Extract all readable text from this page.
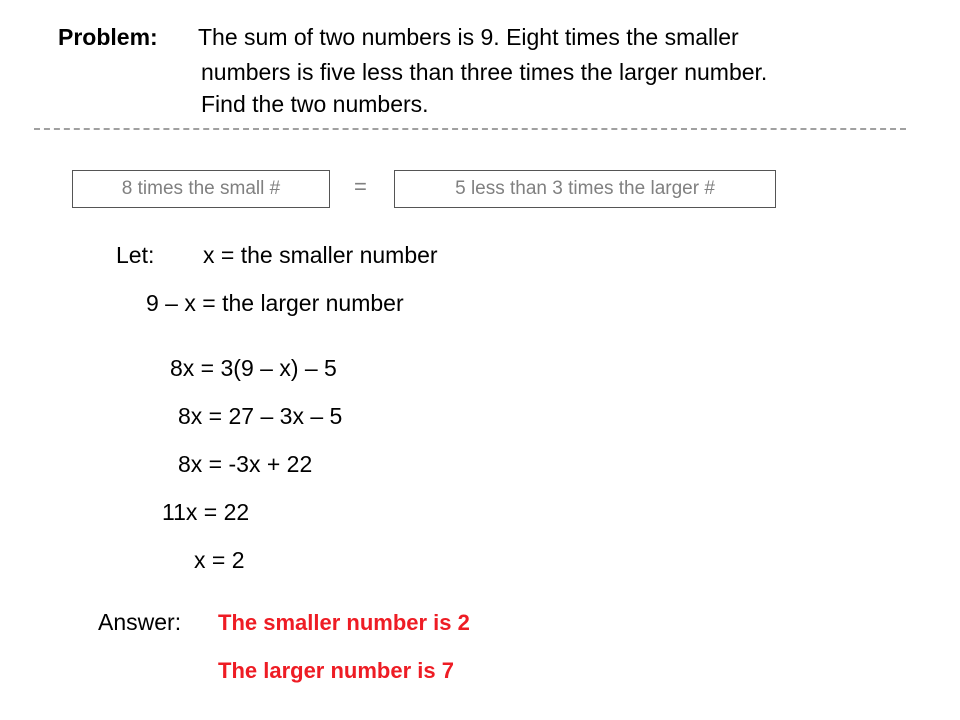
Problem: The sum of two numbers is 9. Eight times the smaller
numbers is five less than three times the larger number.
Find the two numbers.
8 times the small #	=	5 less than 3 times the larger #
Let: x = the smaller number
9 – x = the larger number
8x = 3(9 – x) – 5
8x = 27 – 3x – 5
8x = -3x + 22
11x = 22
x = 2
Answer: The smaller number is 2
The larger number is 7
